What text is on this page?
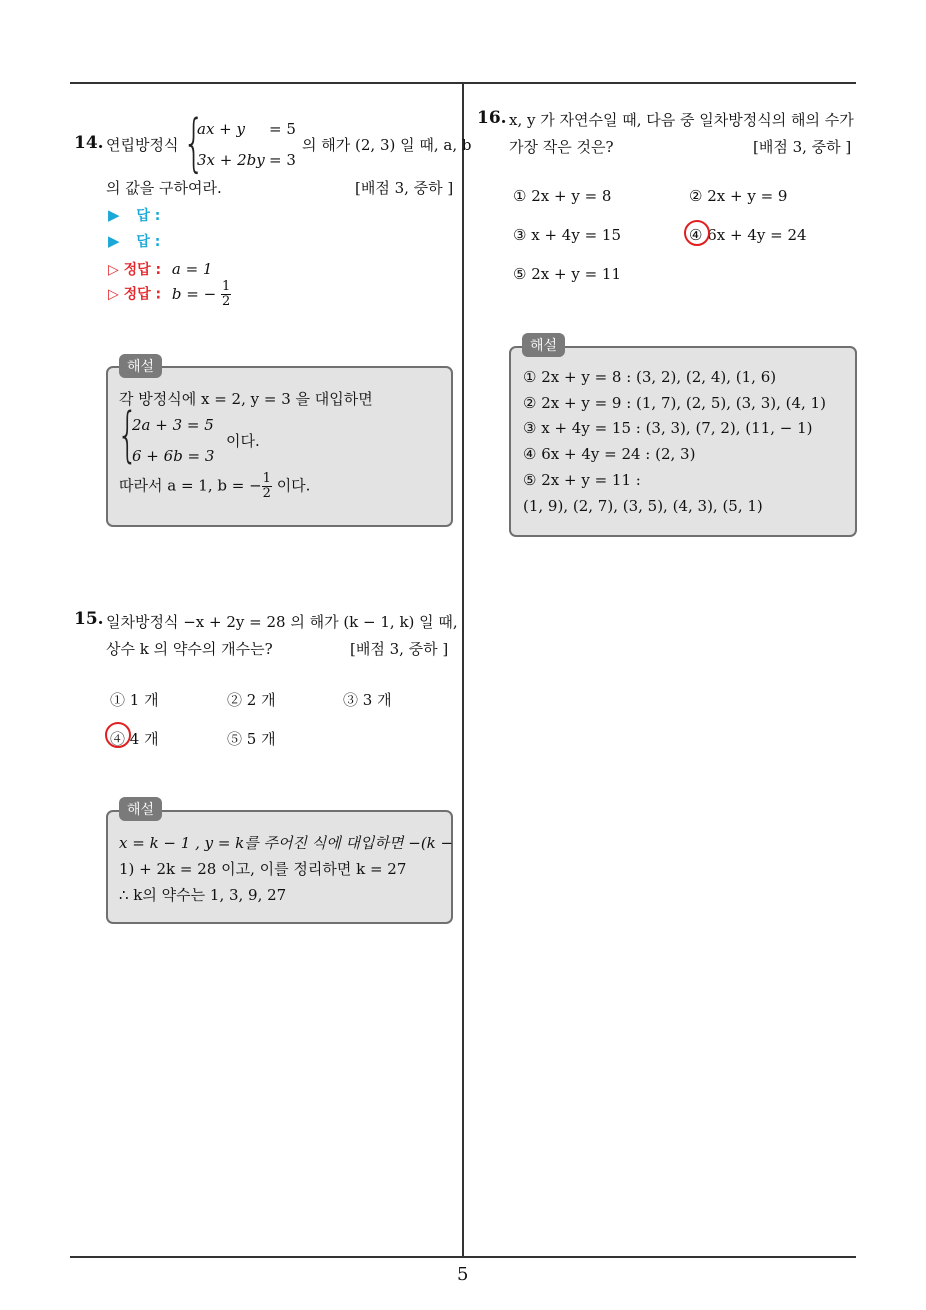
5
14. 연립방정식 {
ax + y = 5
3x + 2by = 3
의 해가 (2, 3) 일 때, a, b
의 값을 구하여라.	[배점 3, 중하 ]
▶ 답 :
▶ 답 :
▷ 정답 : a = 1
▷ 정답 : b = − $\frac{1}{2}$
각 방정식에 x = 2, y = 3 을 대입하면
{
2a + 3 = 5
6 + 6b = 3
이다.
따라서 a = 1, b = − $\frac{1}{2}$ 이다.
해설
15. 일차방정식 −x + 2y = 28 의 해가 (k − 1, k) 일 때,
상수 k 의 약수의 개수는?	[배점 3, 중하 ]
① 1 개	② 2 개	③ 3 개
④ 4 개	⑤ 5 개
x = k − 1 , y = k를 주어진 식에 대입하면 −(k −
1) + 2k = 28 이고, 이를 정리하면 k = 27
∴ k의 약수는 1, 3, 9, 27
해설
16. x, y 가 자연수일 때, 다음 중 일차방정식의 해의 수가
가장 작은 것은?	[배점 3, 중하 ]
① 2x + y = 8	② 2x + y = 9
③ x + 4y = 15	④ 6x + 4y = 24
⑤ 2x + y = 11
① 2x + y = 8 : (3, 2), (2, 4), (1, 6)
② 2x + y = 9 : (1, 7), (2, 5), (3, 3), (4, 1)
③ x + 4y = 15 : (3, 3), (7, 2), (11, − 1)
④ 6x + 4y = 24 : (2, 3)
⑤ 2x + y = 11 :
(1, 9), (2, 7), (3, 5), (4, 3), (5, 1)
해설
